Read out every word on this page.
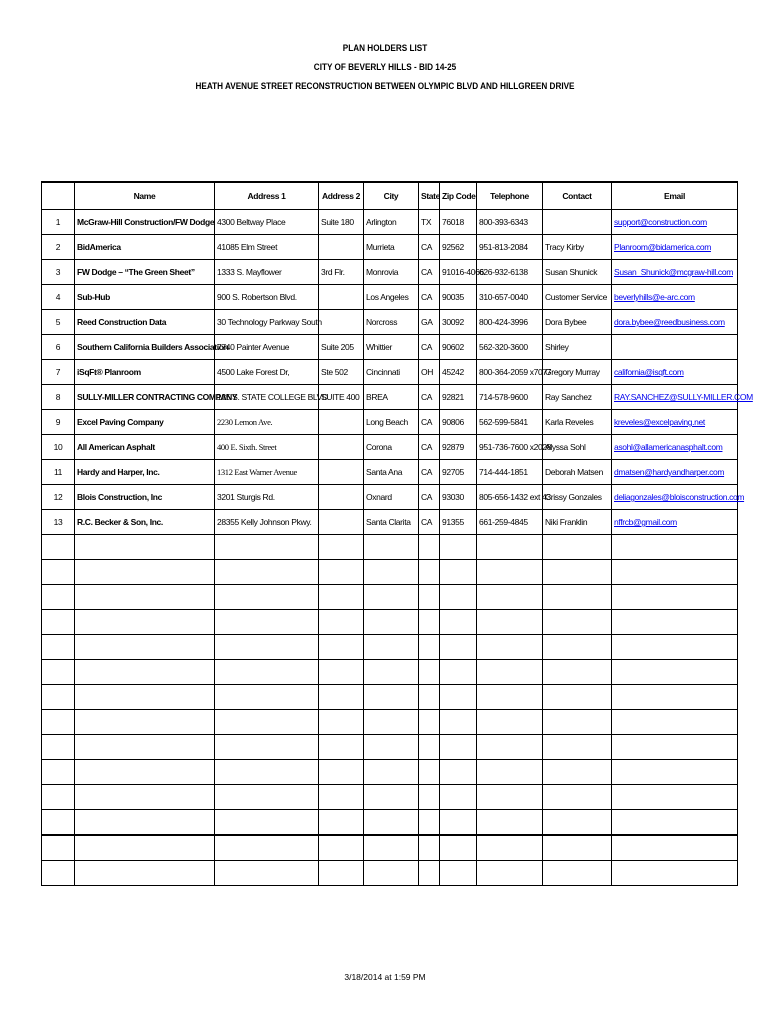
PLAN HOLDERS LIST
CITY OF BEVERLY HILLS - BID 14-25
HEATH AVENUE STREET RECONSTRUCTION BETWEEN OLYMPIC BLVD AND HILLGREEN DRIVE
	Name	Address 1	Address 2	City	State	Zip Code	Telephone	Contact	Email
1	McGraw-Hill Construction/FW Dodge	4300 Beltway Place	Suite 180	Arlington	TX	76018	800-393-6343		support@construction.com
2	BidAmerica	41085 Elm Street		Murrieta	CA	92562	951-813-2084	Tracy Kirby	Planroom@bidamerica.com
3	FW Dodge – “The Green Sheet”	1333 S. Mayflower	3rd Flr.	Monrovia	CA	91016-4066	626-932-6138	Susan Shunick	Susan_Shunick@mcgraw-hill.com
4	Sub-Hub	900 S. Robertson Blvd.		Los Angeles	CA	90035	310-657-0040	Customer Service	beverlyhills@e-arc.com
5	Reed Construction Data	30 Technology Parkway South		Norcross	GA	30092	800-424-3996	Dora Bybee	dora.bybee@reedbusiness.com
6	Southern California Builders Association	7740 Painter Avenue	Suite 205	Whittier	CA	90602	562-320-3600	Shirley	
7	iSqFt® Planroom	4500 Lake Forest Dr,	Ste 502	Cincinnati	OH	45242	800-364-2059 x7077	Gregory Murray	california@isqft.com
8	SULLY-MILLER CONTRACTING COMPANY	135 S. STATE COLLEGE BLVD	SUITE 400	BREA	CA	92821	714-578-9600	Ray Sanchez	RAY.SANCHEZ@SULLY-MILLER.COM
9	Excel Paving Company	2230 Lemon Ave.		Long Beach	CA	90806	562-599-5841	Karla Reveles	kreveles@excelpaving.net
10	All American Asphalt	400 E. Sixth. Street		Corona	CA	92879	951-736-7600 x2028	Alyssa Sohl	asohl@allamericanasphalt.com
11	Hardy and Harper, Inc.	1312 East Warner Avenue		Santa Ana	CA	92705	714-444-1851	Deborah Matsen	dmatsen@hardyandharper.com
12	Blois Construction, Inc	3201 Sturgis Rd.		Oxnard	CA	93030	805-656-1432 ext 43	Crissy Gonzales	deliagonzales@bloisconstruction.com
13	R.C. Becker & Son, Inc.	28355 Kelly Johnson Pkwy.		Santa Clarita	CA	91355	661-259-4845	Niki Franklin	nffrcb@gmail.com

3/18/2014 at 1:59 PM
